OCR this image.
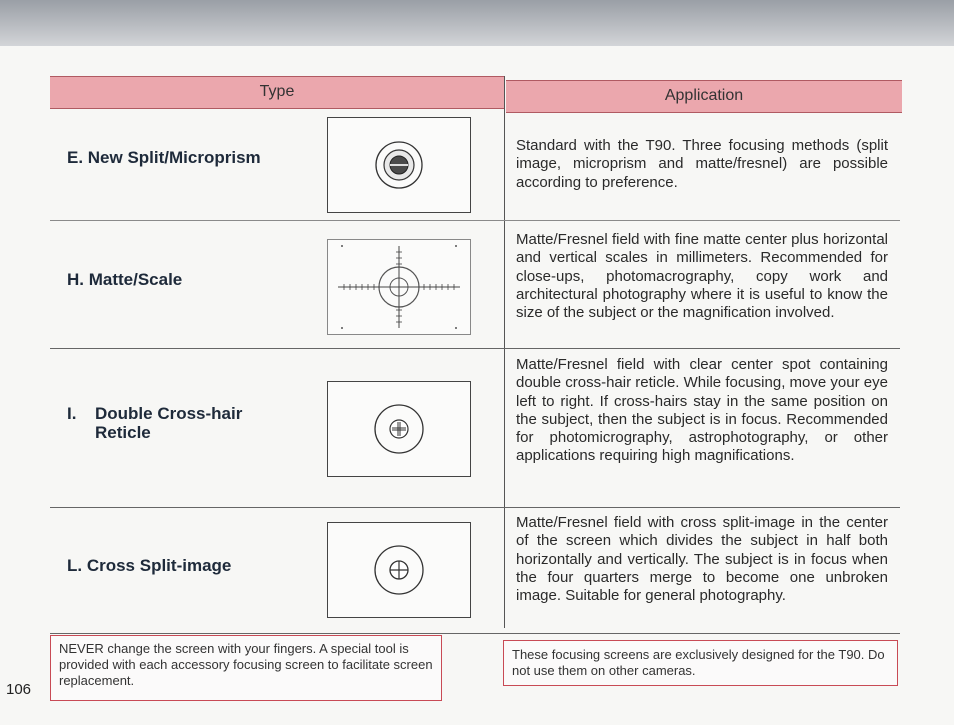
Type	Application
E. New Split/Microprism
Standard with the T90. Three focusing methods (split image, microprism and matte/fresnel) are possible according to preference.
H. Matte/Scale
Matte/Fresnel field with fine matte center plus horizontal and vertical scales in millimeters. Recommended for close-ups, photomacrography, copy work and architectural photography where it is useful to know the size of the subject or the magnification involved.
I. Double Cross-hair
Reticle
Matte/Fresnel field with clear center spot containing double cross-hair reticle. While focusing, move your eye left to right. If cross-hairs stay in the same position on the subject, then the subject is in focus. Recommended for photomicrography, astrophotography, or other applications requiring high magnifications.
L. Cross Split-image
Matte/Fresnel field with cross split-image in the center of the screen which divides the subject in half both horizontally and vertically. The subject is in focus when the four quarters merge to become one unbroken image. Suitable for general photography.
NEVER change the screen with your fingers. A special tool is provided with each accessory focusing screen to facilitate screen replacement.
These focusing screens are exclusively designed for the T90. Do not use them on other cameras.
106
